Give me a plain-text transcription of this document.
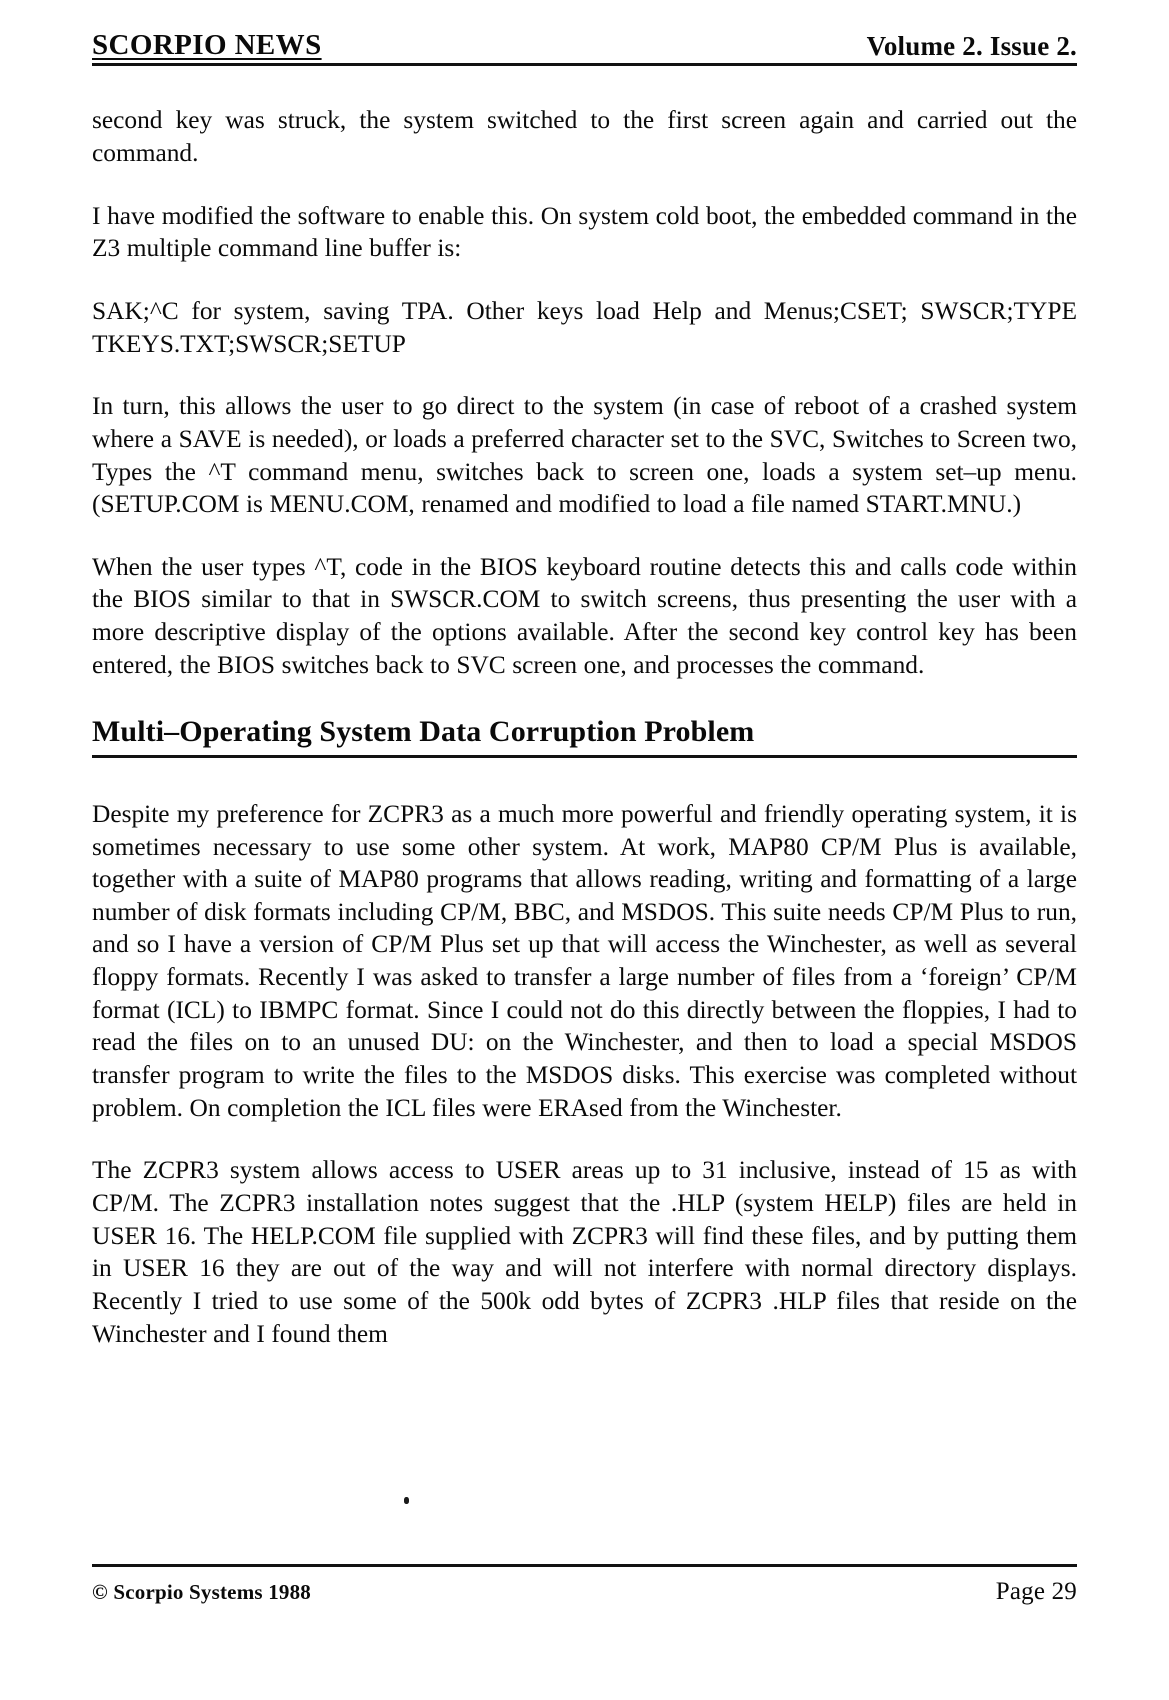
SCORPIO NEWS	Volume 2. Issue 2.

second key was struck, the system switched to the first screen again and carried out the command.

I have modified the software to enable this. On system cold boot, the embedded command in the Z3 multiple command line buffer is:

SAK;^C for system, saving TPA. Other keys load Help and Menus;CSET; SWSCR;TYPE TKEYS.TXT;SWSCR;SETUP

In turn, this allows the user to go direct to the system (in case of reboot of a crashed system where a SAVE is needed), or loads a preferred character set to the SVC, Switches to Screen two, Types the ^T command menu, switches back to screen one, loads a system set–up menu. (SETUP.COM is MENU.COM, renamed and modified to load a file named START.MNU.)

When the user types ^T, code in the BIOS keyboard routine detects this and calls code within the BIOS similar to that in SWSCR.COM to switch screens, thus presenting the user with a more descriptive display of the options available. After the second key control key has been entered, the BIOS switches back to SVC screen one, and processes the command.

Multi–Operating System Data Corruption Problem

Despite my preference for ZCPR3 as a much more powerful and friendly operating system, it is sometimes necessary to use some other system. At work, MAP80 CP/M Plus is available, together with a suite of MAP80 programs that allows reading, writing and formatting of a large number of disk formats including CP/M, BBC, and MSDOS. This suite needs CP/M Plus to run, and so I have a version of CP/M Plus set up that will access the Winchester, as well as several floppy formats. Recently I was asked to transfer a large number of files from a ‘foreign’ CP/M format (ICL) to IBMPC format. Since I could not do this directly between the floppies, I had to read the files on to an unused DU: on the Winchester, and then to load a special MSDOS transfer program to write the files to the MSDOS disks. This exercise was completed without problem. On completion the ICL files were ERAsed from the Winchester.

The ZCPR3 system allows access to USER areas up to 31 inclusive, instead of 15 as with CP/M. The ZCPR3 installation notes suggest that the .HLP (system HELP) files are held in USER 16. The HELP.COM file supplied with ZCPR3 will find these files, and by putting them in USER 16 they are out of the way and will not interfere with normal directory displays. Recently I tried to use some of the 500k odd bytes of ZCPR3 .HLP files that reside on the Winchester and I found them

© Scorpio Systems 1988	Page 29
